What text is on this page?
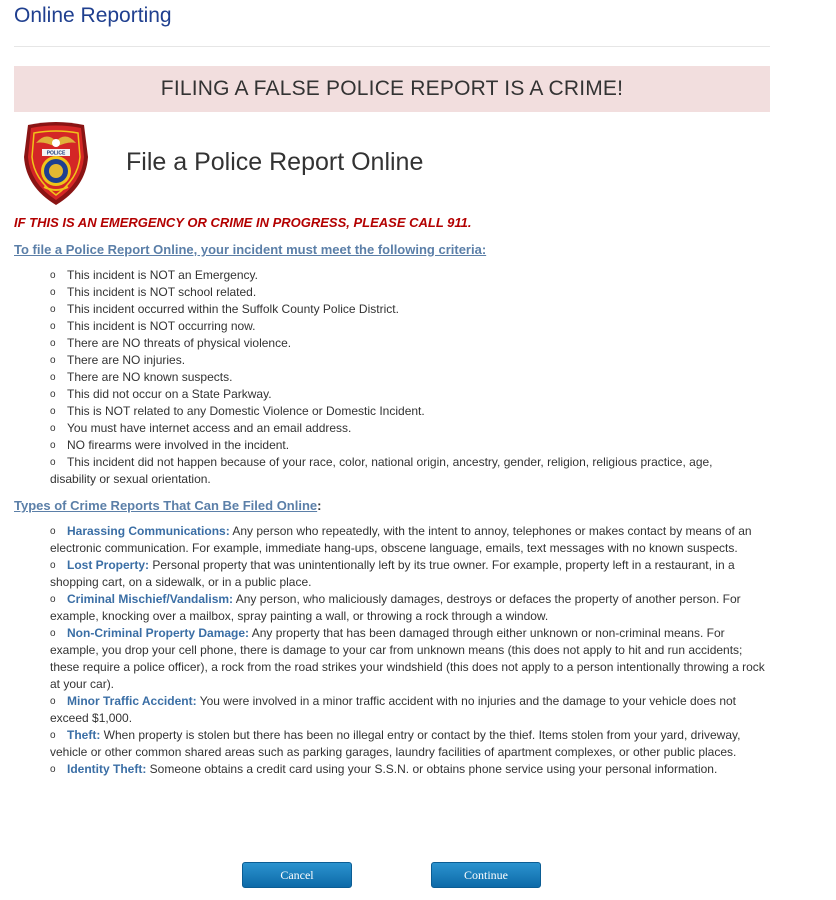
Online Reporting
FILING A FALSE POLICE REPORT IS A CRIME!
POLICE File a Police Report Online
IF THIS IS AN EMERGENCY OR CRIME IN PROGRESS, PLEASE CALL 911.
To file a Police Report Online, your incident must meet the following criteria:
o This incident is NOT an Emergency.
o This incident is NOT school related.
o This incident occurred within the Suffolk County Police District.
o This incident is NOT occurring now.
o There are NO threats of physical violence.
o There are NO injuries.
o There are NO known suspects.
o This did not occur on a State Parkway.
o This is NOT related to any Domestic Violence or Domestic Incident.
o You must have internet access and an email address.
o NO firearms were involved in the incident.
o This incident did not happen because of your race, color, national origin, ancestry, gender, religion, religious practice, age, disability or sexual orientation.
Types of Crime Reports That Can Be Filed Online:
o Harassing Communications: Any person who repeatedly, with the intent to annoy, telephones or makes contact by means of an electronic communication. For example, immediate hang-ups, obscene language, emails, text messages with no known suspects.
o Lost Property: Personal property that was unintentionally left by its true owner. For example, property left in a restaurant, in a shopping cart, on a sidewalk, or in a public place.
o Criminal Mischief/Vandalism: Any person, who maliciously damages, destroys or defaces the property of another person. For example, knocking over a mailbox, spray painting a wall, or throwing a rock through a window.
o Non-Criminal Property Damage: Any property that has been damaged through either unknown or non-criminal means. For example, you drop your cell phone, there is damage to your car from unknown means (this does not apply to hit and run accidents; these require a police officer), a rock from the road strikes your windshield (this does not apply to a person intentionally throwing a rock at your car).
o Minor Traffic Accident: You were involved in a minor traffic accident with no injuries and the damage to your vehicle does not exceed $1,000.
o Theft: When property is stolen but there has been no illegal entry or contact by the thief. Items stolen from your yard, driveway, vehicle or other common shared areas such as parking garages, laundry facilities of apartment complexes, or other public places.
o Identity Theft: Someone obtains a credit card using your S.S.N. or obtains phone service using your personal information.
Cancel	Continue
